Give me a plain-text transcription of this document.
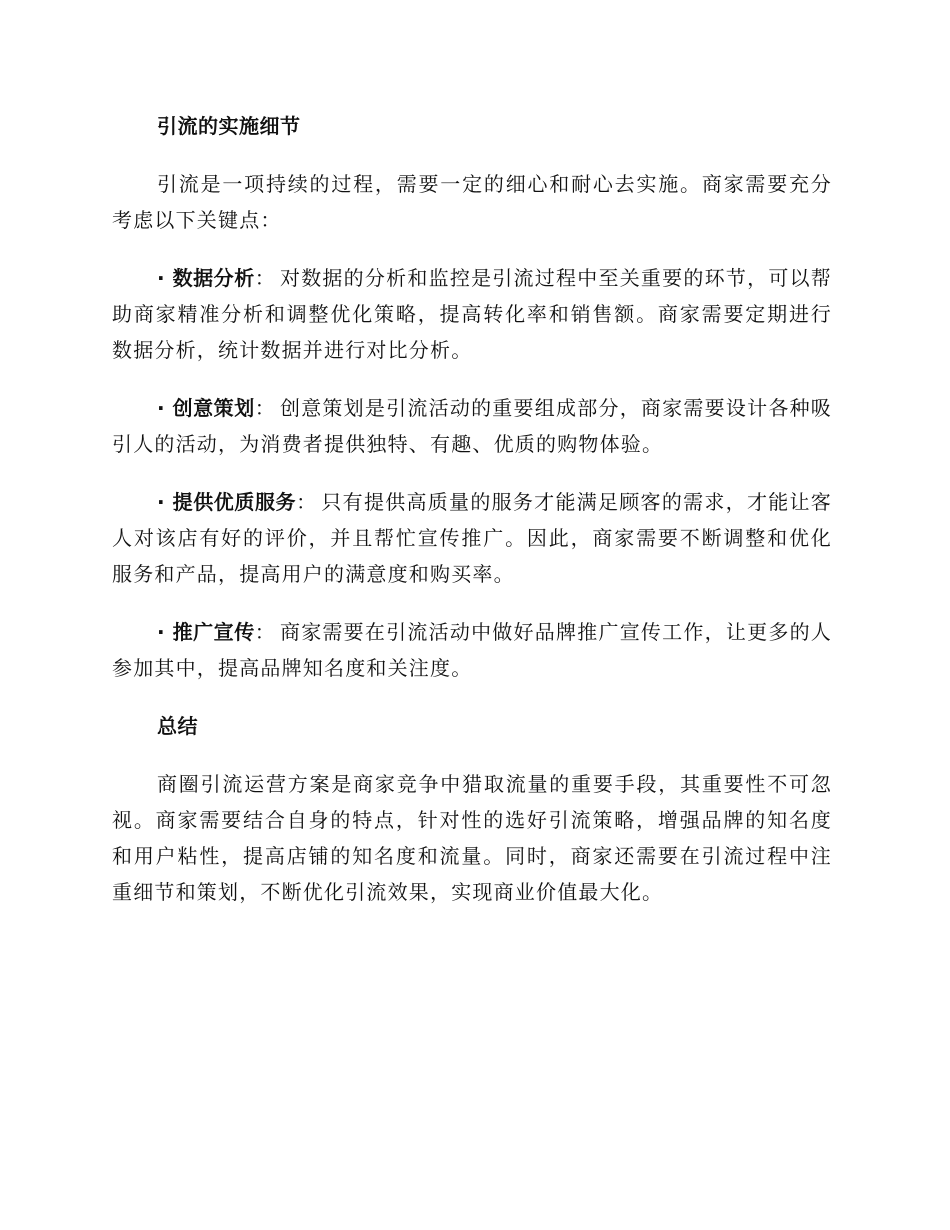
引流的实施细节

引流是一项持续的过程，需要一定的细心和耐心去实施。商家需要充分考虑以下关键点：

· 数据分析： 对数据的分析和监控是引流过程中至关重要的环节，可以帮助商家精准分析和调整优化策略，提高转化率和销售额。商家需要定期进行数据分析，统计数据并进行对比分析。

· 创意策划： 创意策划是引流活动的重要组成部分，商家需要设计各种吸引人的活动，为消费者提供独特、有趣、优质的购物体验。

· 提供优质服务： 只有提供高质量的服务才能满足顾客的需求，才能让客人对该店有好的评价，并且帮忙宣传推广。因此，商家需要不断调整和优化服务和产品，提高用户的满意度和购买率。

· 推广宣传： 商家需要在引流活动中做好品牌推广宣传工作，让更多的人参加其中，提高品牌知名度和关注度。

总结

商圈引流运营方案是商家竞争中猎取流量的重要手段，其重要性不可忽视。商家需要结合自身的特点，针对性的选好引流策略，增强品牌的知名度和用户粘性，提高店铺的知名度和流量。同时，商家还需要在引流过程中注重细节和策划，不断优化引流效果，实现商业价值最大化。
